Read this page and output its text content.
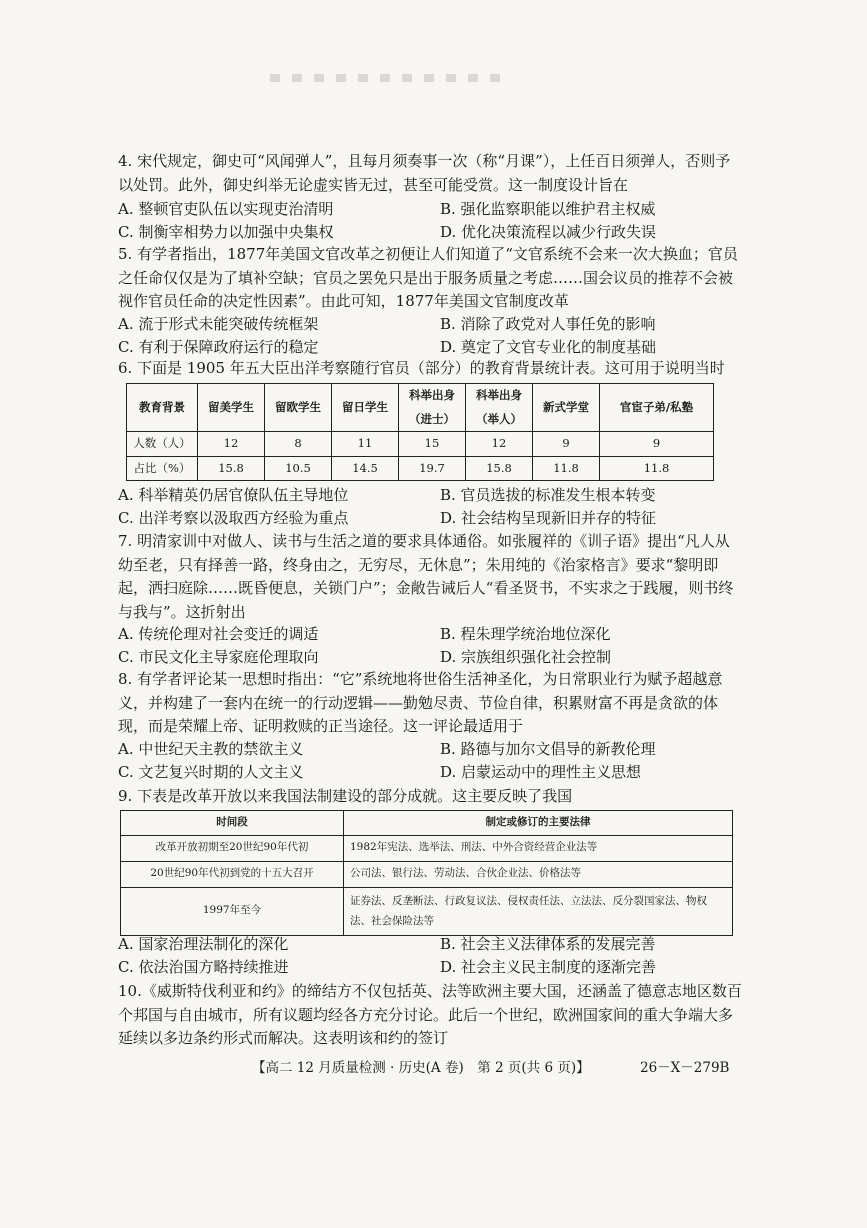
4. 宋代规定，御史可“风闻弹人”，且每月须奏事一次（称“月课”），上任百日须弹人，否则予以处罚。此外，御史纠举无论虚实皆无过，甚至可能受赏。这一制度设计旨在
A. 整顿官吏队伍以实现吏治清明	B. 强化监察职能以维护君主权威
C. 制衡宰相势力以加强中央集权	D. 优化决策流程以减少行政失误
5. 有学者指出，1877年美国文官改革之初便让人们知道了“文官系统不会来一次大换血；官员之任命仅仅是为了填补空缺；官员之罢免只是出于服务质量之考虑……国会议员的推荐不会被视作官员任命的决定性因素”。由此可知，1877年美国文官制度改革
A. 流于形式未能突破传统框架	B. 消除了政党对人事任免的影响
C. 有利于保障政府运行的稳定	D. 奠定了文官专业化的制度基础
6. 下面是 1905 年五大臣出洋考察随行官员（部分）的教育背景统计表。这可用于说明当时
教育背景	留美学生	留欧学生	留日学生	科举出身（进士）	科举出身（举人）	新式学堂	官宦子弟/私塾
人数（人）	12	8	11	15	12	9	9
占比（%）	15.8	10.5	14.5	19.7	15.8	11.8	11.8
A. 科举精英仍居官僚队伍主导地位	B. 官员选拔的标准发生根本转变
C. 出洋考察以汲取西方经验为重点	D. 社会结构呈现新旧并存的特征
7. 明清家训中对做人、读书与生活之道的要求具体通俗。如张履祥的《训子语》提出“凡人从幼至老，只有择善一路，终身由之，无穷尽，无休息”；朱用纯的《治家格言》要求“黎明即起，洒扫庭除……既昏便息，关锁门户”；金敞告诫后人“看圣贤书，不实求之于践履，则书终与我与”。这折射出
A. 传统伦理对社会变迁的调适	B. 程朱理学统治地位深化
C. 市民文化主导家庭伦理取向	D. 宗族组织强化社会控制
8. 有学者评论某一思想时指出：“它”系统地将世俗生活神圣化，为日常职业行为赋予超越意义，并构建了一套内在统一的行动逻辑——勤勉尽责、节俭自律，积累财富不再是贪欲的体现，而是荣耀上帝、证明救赎的正当途径。这一评论最适用于
A. 中世纪天主教的禁欲主义	B. 路德与加尔文倡导的新教伦理
C. 文艺复兴时期的人文主义	D. 启蒙运动中的理性主义思想
9. 下表是改革开放以来我国法制建设的部分成就。这主要反映了我国
时间段	制定或修订的主要法律
改革开放初期至20世纪90年代初	1982年宪法、选举法、刑法、中外合资经营企业法等
20世纪90年代初到党的十五大召开	公司法、银行法、劳动法、合伙企业法、价格法等
1997年至今	证券法、反垄断法、行政复议法、侵权责任法、立法法、反分裂国家法、物权法、社会保险法等
A. 国家治理法制化的深化	B. 社会主义法律体系的发展完善
C. 依法治国方略持续推进	D. 社会主义民主制度的逐渐完善
10.《威斯特伐利亚和约》的缔结方不仅包括英、法等欧洲主要大国，还涵盖了德意志地区数百个邦国与自由城市，所有议题均经各方充分讨论。此后一个世纪，欧洲国家间的重大争端大多延续以多边条约形式而解决。这表明该和约的签订
【高二 12 月质量检测 · 历史(A 卷)　第 2 页(共 6 页)】	26－X－279B
